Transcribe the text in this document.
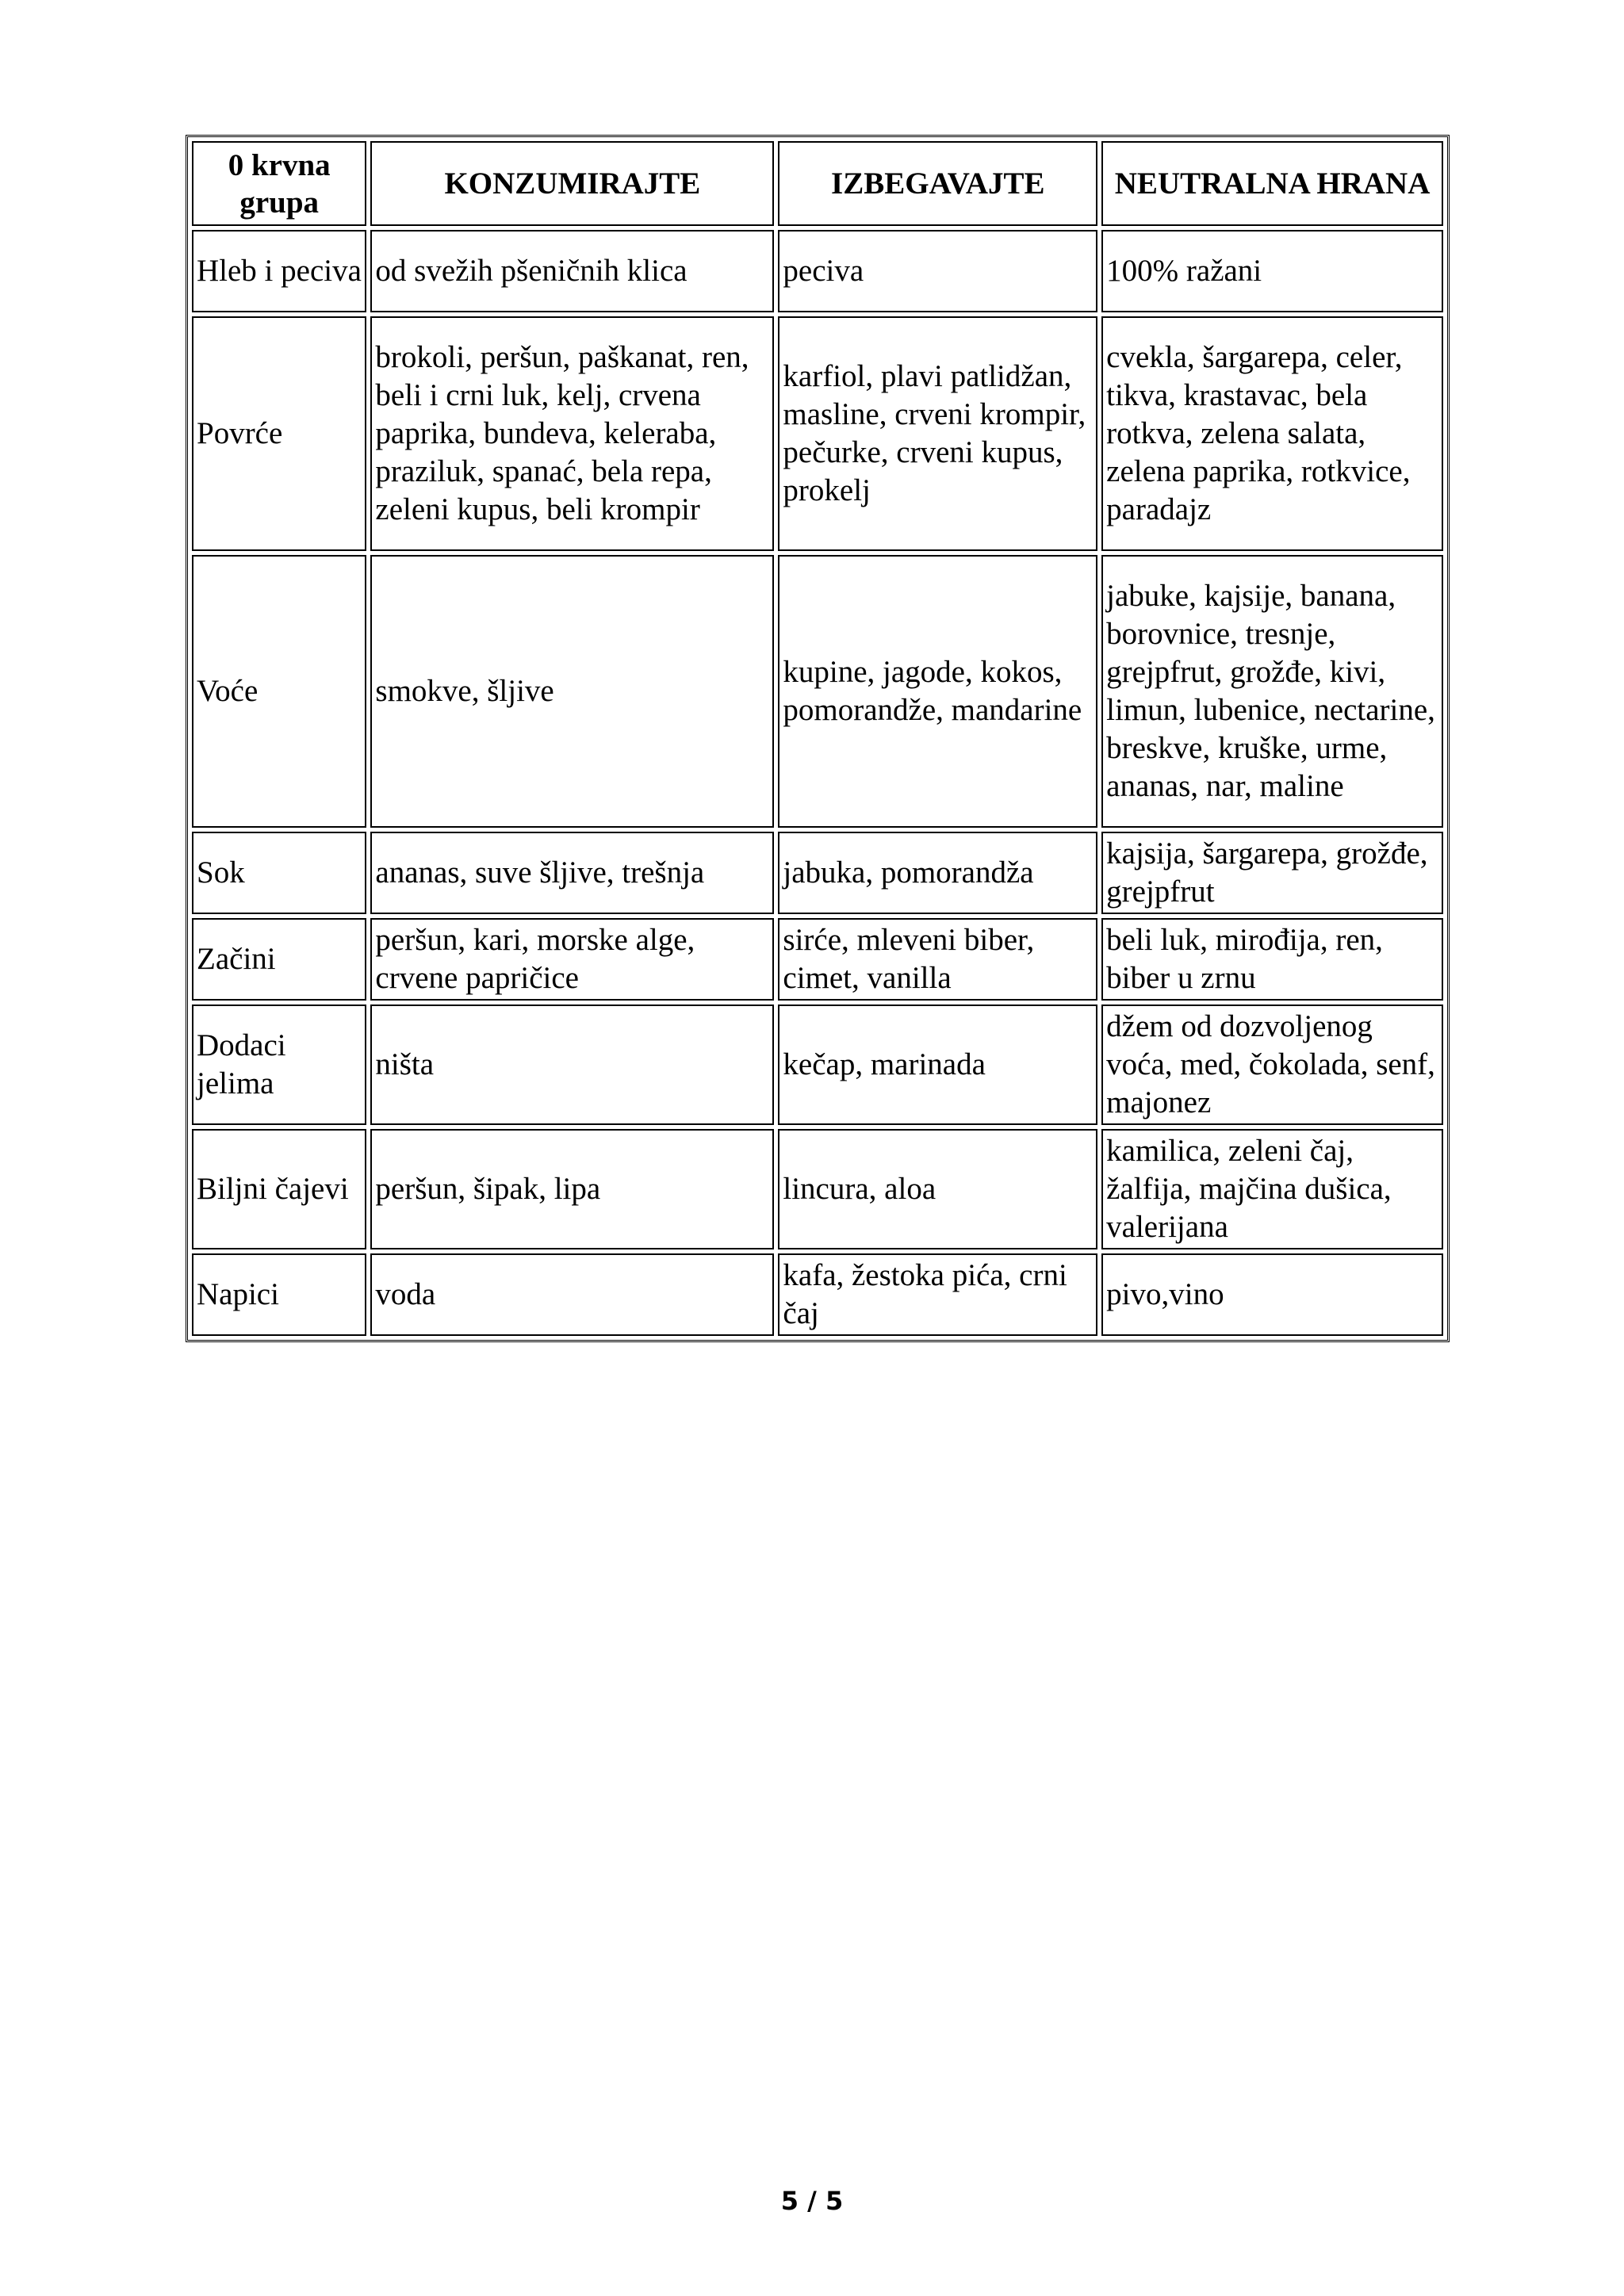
0 krvna grupa	KONZUMIRAJTE	IZBEGAVAJTE	NEUTRALNA HRANA
Hleb i peciva	od svežih pšeničnih klica	peciva	100% ražani
Povrće	brokoli, peršun, paškanat, ren, beli i crni luk, kelj, crvena paprika, bundeva, keleraba, praziluk, spanać, bela repa, zeleni kupus, beli krompir	karfiol, plavi patlidžan, masline, crveni krompir, pečurke, crveni kupus, prokelj	cvekla, šargarepa, celer, tikva, krastavac, bela rotkva, zelena salata, zelena paprika, rotkvice, paradajz
Voće	smokve, šljive	kupine, jagode, kokos, pomorandže, mandarine	jabuke, kajsije, banana, borovnice, tresnje, grejpfrut, grožđe, kivi, limun, lubenice, nectarine, breskve, kruške, urme, ananas, nar, maline
Sok	ananas, suve šljive, trešnja	jabuka, pomorandža	kajsija, šargarepa, grožđe, grejpfrut
Začini	peršun, kari, morske alge, crvene papričice	sirće, mleveni biber, cimet, vanilla	beli luk, mirođija, ren, biber u zrnu
Dodaci jelima	ništa	kečap, marinada	džem od dozvoljenog voća, med, čokolada, senf, majonez
Biljni čajevi	peršun, šipak, lipa	lincura, aloa	kamilica, zeleni čaj, žalfija, majčina dušica, valerijana
Napici	voda	kafa, žestoka pića, crni čaj	pivo,vino
5 / 5
